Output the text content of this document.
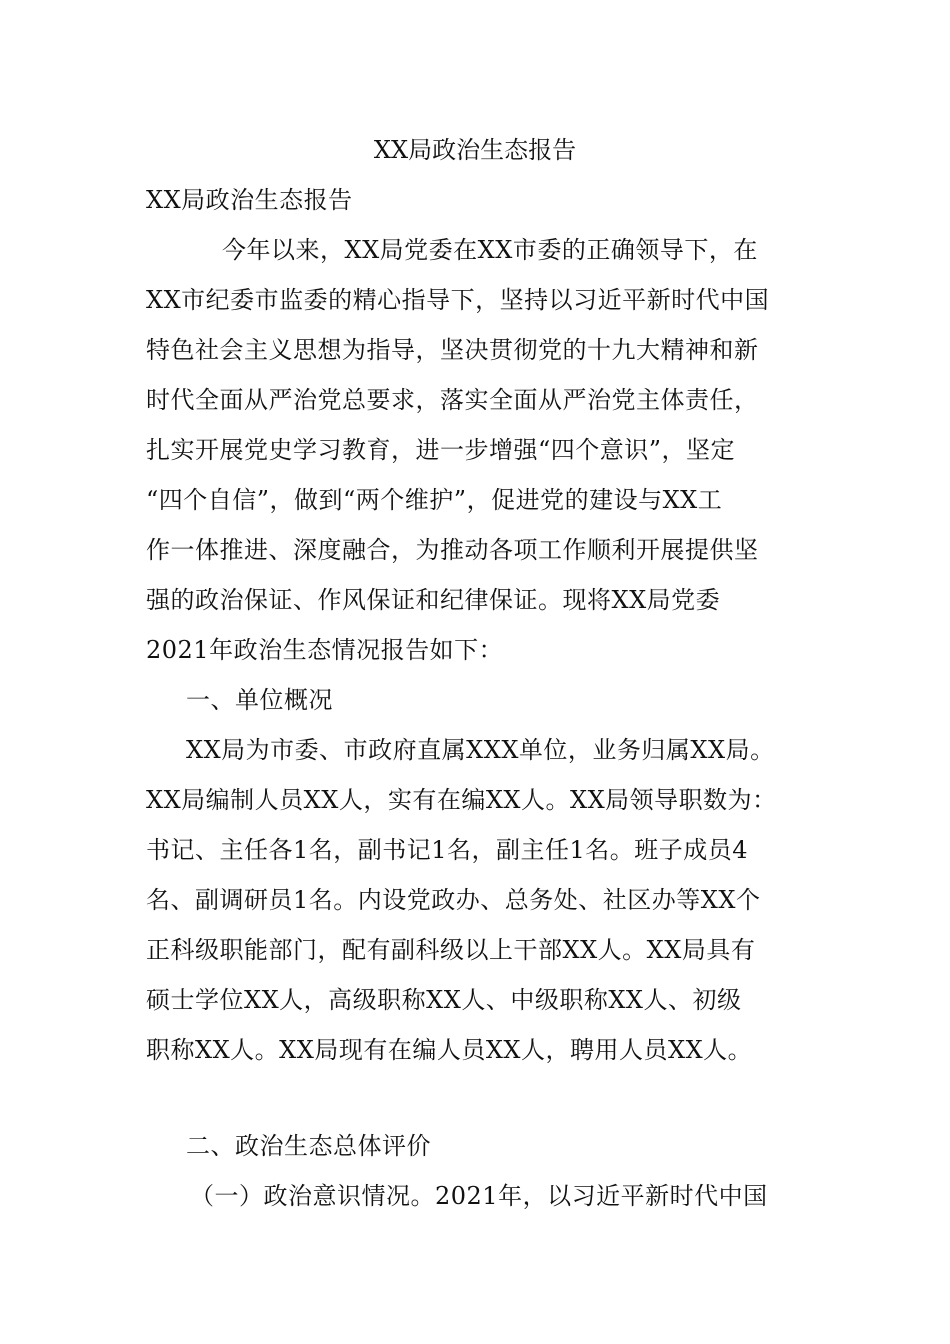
XX局政治生态报告
XX局政治生态报告
今年以来，XX局党委在XX市委的正确领导下，在
XX市纪委市监委的精心指导下，坚持以习近平新时代中国
特色社会主义思想为指导，坚决贯彻党的十九大精神和新
时代全面从严治党总要求，落实全面从严治党主体责任，
扎实开展党史学习教育，进一步增强“四个意识”，坚定
“四个自信”，做到“两个维护”，促进党的建设与XX工
作一体推进、深度融合，为推动各项工作顺利开展提供坚
强的政治保证、作风保证和纪律保证。现将XX局党委
2021年政治生态情况报告如下：
一、单位概况
XX局为市委、市政府直属XXX单位，业务归属XX局。
XX局编制人员XX人，实有在编XX人。XX局领导职数为：
书记、主任各1名，副书记1名，副主任1名。班子成员4
名、副调研员1名。内设党政办、总务处、社区办等XX个
正科级职能部门，配有副科级以上干部XX人。XX局具有
硕士学位XX人，高级职称XX人、中级职称XX人、初级
职称XX人。XX局现有在编人员XX人，聘用人员XX人。
二、政治生态总体评价
（一）政治意识情况。2021年，以习近平新时代中国
